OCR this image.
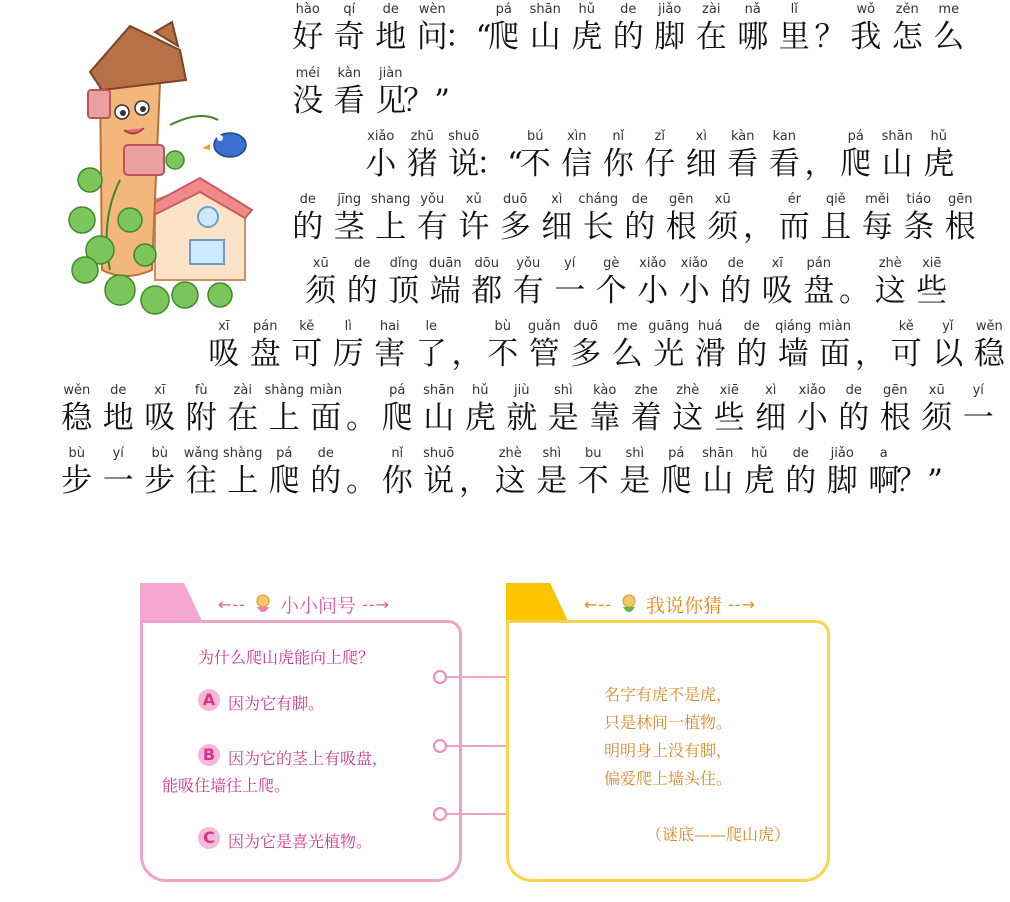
hào
好
qí
奇
de
地
wèn
问
：“
pá
爬
shān
山
hǔ
虎
de
的
jiǎo
脚
zài
在
nǎ
哪
lǐ
里 ？
wǒ
我
zěn
怎
me
么
méi
没
kàn
看
jiàn
见
？”
xiǎo
小
zhū
猪
shuō
说
：“
bú
不
xìn
信
nǐ
你
zǐ
仔
xì
细
kàn
看
kan
看 ，
pá
爬
shān
山
hǔ
虎
de
的
jīng
茎
shang
上
yǒu
有
xǔ
许
duō
多
xì
细
cháng
长
de
的
gēn
根
xū
须 ，
ér
而
qiě
且
měi
每
tiáo
条
gēn
根
xū
须
de
的
dǐng
顶
duān
端
dōu
都
yǒu
有
yí
一
gè
个
xiǎo
小
xiǎo
小
de
的
xī
吸
pán
盘 。
zhè
这
xiē
些
xī
吸
pán
盘
kě
可
lì
厉
hai
害
le
了 ，
bù
不
guǎn
管
duō
多
me
么
guāng
光
huá
滑
de
的
qiáng
墙
miàn
面 ，
kě
可
yǐ
以
wěn
稳
wěn
稳
de
地
xī
吸
fù
附
zài
在
shàng
上
miàn
面 。
pá
爬
shān
山
hǔ
虎
jiù
就
shì
是
kào
靠
zhe
着
zhè
这
xiē
些
xì
细
xiǎo
小
de
的
gēn
根
xū
须
yí
一
bù
步
yí
一
bù
步
wǎng
往
shàng
上
pá
爬
de
的 。
nǐ
你
shuō
说 ，
zhè
这
shì
是
bu
不
shì
是
pá
爬
shān
山
hǔ
虎
de
的
jiǎo
脚
a
啊
？”
←-- 小小问号 --→
为什么爬山虎能向上爬？
A 因为它有脚。
B 因为它的茎上有吸盘，
能吸住墙往上爬。
C 因为它是喜光植物。
←-- 我说你猜 --→
名字有虎不是虎，
只是林间一植物。
明明身上没有脚，
偏爱爬上墙头住。
（谜底——爬山虎）
